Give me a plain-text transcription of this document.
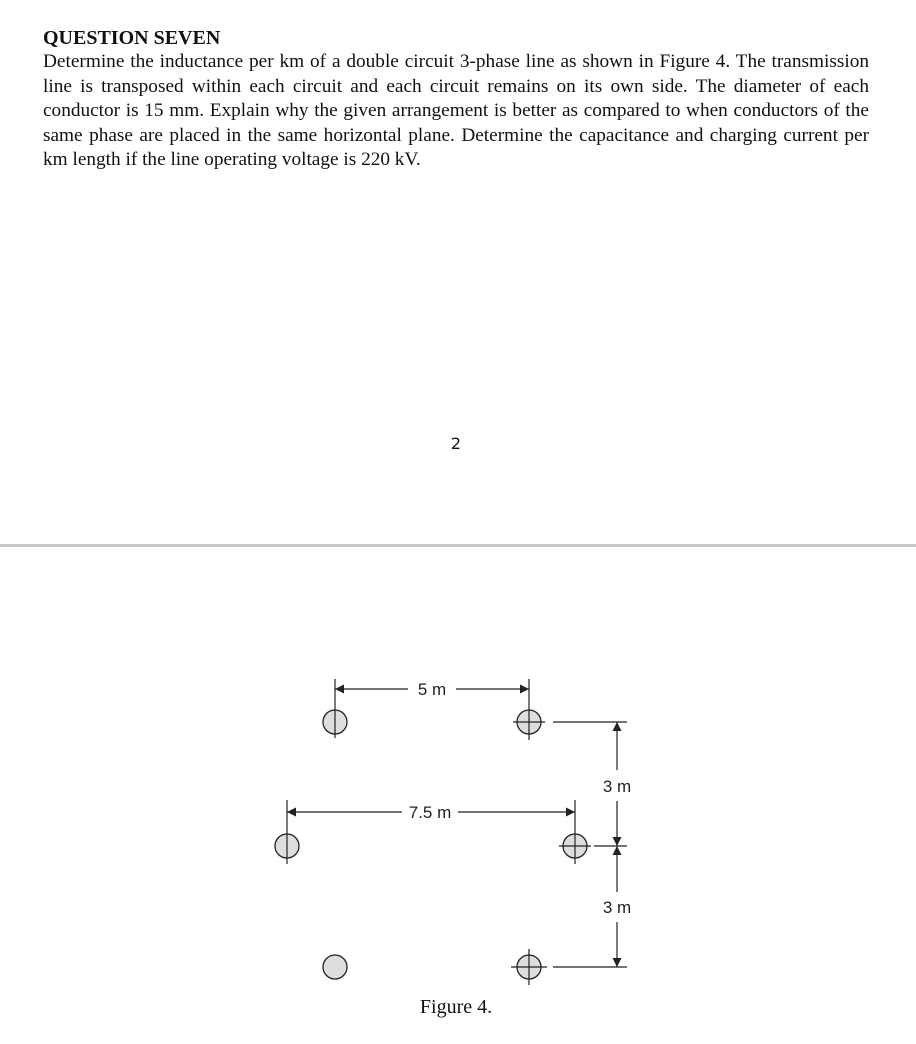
QUESTION SEVEN

Determine the inductance per km of a double circuit 3-phase line as shown in Figure 4. The transmission line is transposed within each circuit and each circuit remains on its own side. The diameter of each conductor is 15 mm. Explain why the given arrangement is better as compared to when conductors of the same phase are placed in the same horizontal plane. Determine the capacitance and charging current per km length if the line operating voltage is 220 kV.

2
5 m
7.5 m
3 m
3 m
Figure 4.
